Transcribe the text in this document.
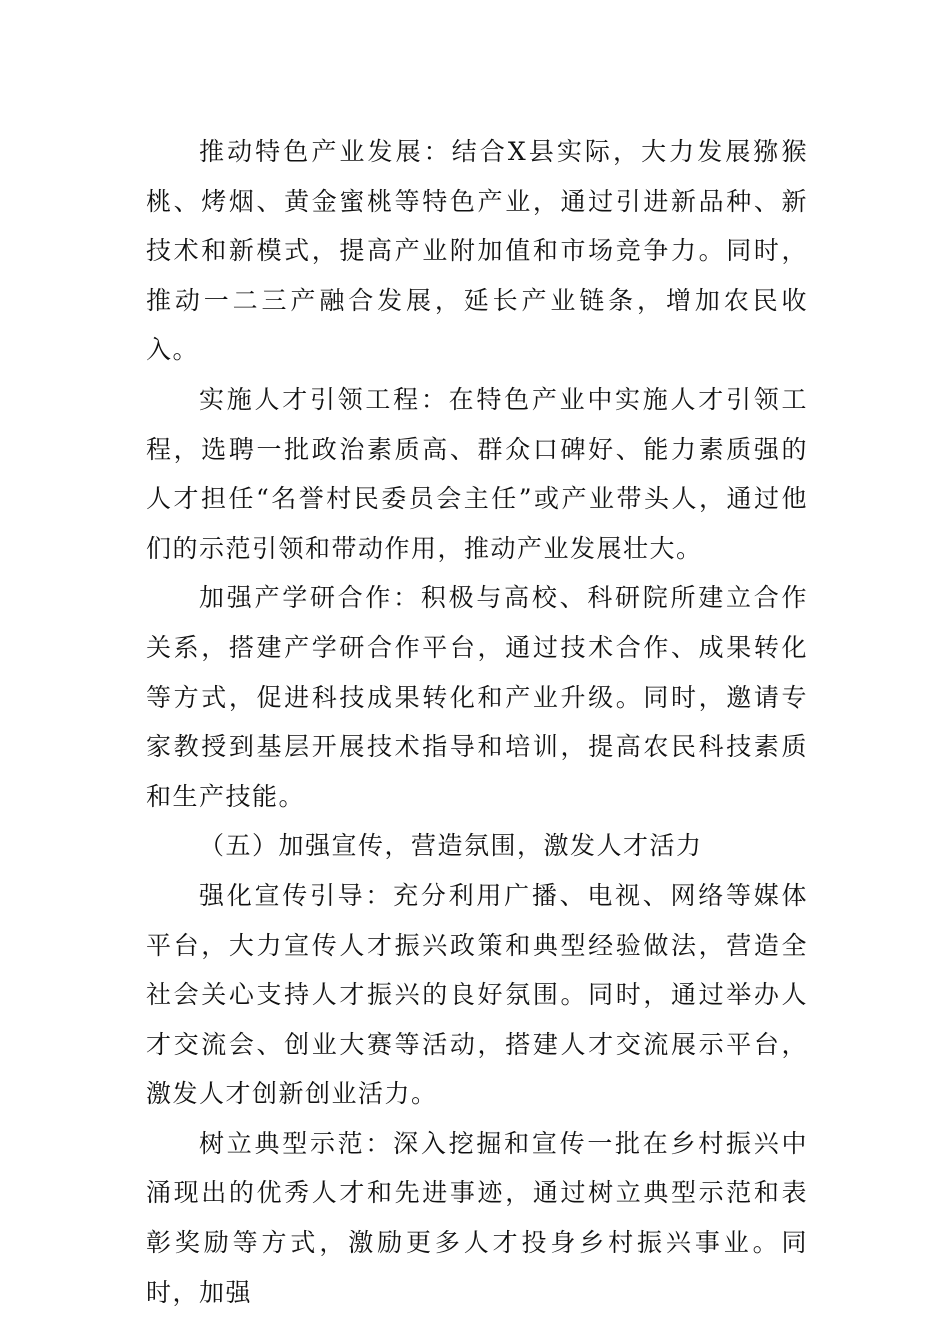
推动特色产业发展：结合X县实际，大力发展猕猴桃、烤烟、黄金蜜桃等特色产业，通过引进新品种、新技术和新模式，提高产业附加值和市场竞争力。同时，推动一二三产融合发展，延长产业链条，增加农民收入。

实施人才引领工程：在特色产业中实施人才引领工程，选聘一批政治素质高、群众口碑好、能力素质强的人才担任“名誉村民委员会主任”或产业带头人，通过他们的示范引领和带动作用，推动产业发展壮大。

加强产学研合作：积极与高校、科研院所建立合作关系，搭建产学研合作平台，通过技术合作、成果转化等方式，促进科技成果转化和产业升级。同时，邀请专家教授到基层开展技术指导和培训，提高农民科技素质和生产技能。

（五）加强宣传，营造氛围，激发人才活力

强化宣传引导：充分利用广播、电视、网络等媒体平台，大力宣传人才振兴政策和典型经验做法，营造全社会关心支持人才振兴的良好氛围。同时，通过举办人才交流会、创业大赛等活动，搭建人才交流展示平台，激发人才创新创业活力。

树立典型示范：深入挖掘和宣传一批在乡村振兴中涌现出的优秀人才和先进事迹，通过树立典型示范和表彰奖励等方式，激励更多人才投身乡村振兴事业。同时，加强
